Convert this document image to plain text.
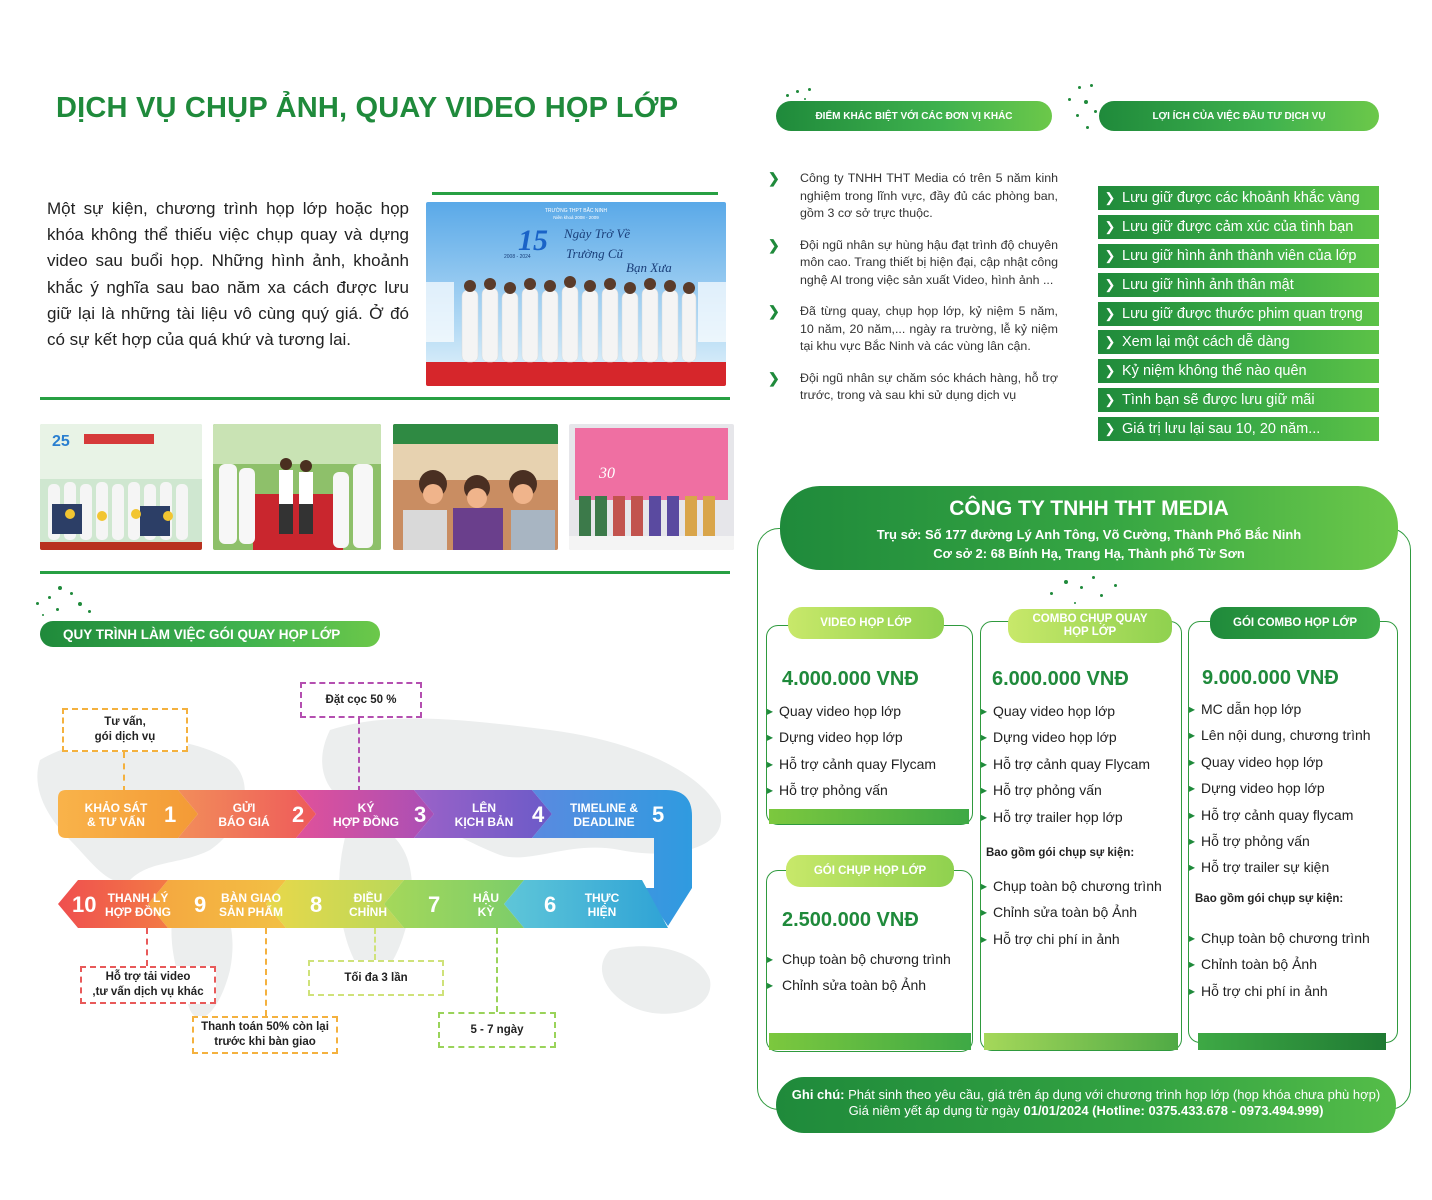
DỊCH VỤ CHỤP ẢNH, QUAY VIDEO HỌP LỚP
Một sự kiện, chương trình họp lớp hoặc họp khóa không thể thiếu việc chụp quay và dựng video sau buổi họp. Những hình ảnh, khoảnh khắc ý nghĩa sau bao năm xa cách được lưu giữ lại là những tài liệu vô cùng quý giá. Ở đó có sự kết hợp của quá khứ và tương lai.
TRƯỜNG THPT BẮC NINH
Niên khoá 2008 - 2009
15
2008 - 2024
Ngày Trở Về
Trường Cũ
Bạn Xưa
25
30
QUY TRÌNH LÀM VIỆC GÓI QUAY HỌP LỚP
Tư vấn,
gói dịch vụ
Đặt cọc 50 %
KHẢO SÁT
& TƯ VẤN 1	GỬI
BÁO GIÁ	2	KÝ
HỢP ĐỒNG 3	LÊN
KỊCH BẢN 4	TIMELINE &
DEADLINE 5
10 THANH LÝ
HỢP ĐỒNG 9	BÀN GIAO
SẢN PHẨM 8	ĐIỀU
CHỈNH	7	HẬU
KỲ	6	THỰC
HIỆN
Hỗ trợ tải video
,tư vấn dịch vụ khác
Thanh toán 50% còn lại
trước khi bàn giao
Tối đa 3 lần
5 - 7 ngày
ĐIỂM KHÁC BIỆT VỚI CÁC ĐƠN VỊ KHÁC	LỢI ÍCH CỦA VIỆC ĐẦU TƯ DỊCH VỤ
❯ Công ty TNHH THT Media có trên 5 năm kinh nghiệm trong lĩnh vực, đầy đủ các phòng ban, gồm 3 cơ sở trực thuộc.
❯ Đội ngũ nhân sự hùng hậu đạt trình độ chuyên môn cao. Trang thiết bị hiện đại, cập nhật công nghệ AI trong việc sản xuất Video, hình ảnh ...
❯ Đã từng quay, chụp họp lớp, kỷ niệm 5 năm, 10 năm, 20 năm,... ngày ra trường, lễ kỷ niệm tại khu vực Bắc Ninh và các vùng lân cận.
❯ Đội ngũ nhân sự chăm sóc khách hàng, hỗ trợ trước, trong và sau khi sử dụng dịch vụ
❯ Lưu giữ được các khoảnh khắc vàng
❯ Lưu giữ được cảm xúc của tình bạn
❯ Lưu giữ hình ảnh thành viên của lớp
❯ Lưu giữ hình ảnh thân mật
❯ Lưu giữ được thước phim quan trọng
❯ Xem lại một cách dễ dàng
❯ Kỷ niệm không thể nào quên
❯ Tình bạn sẽ được lưu giữ mãi
❯ Giá trị lưu lại sau 10, 20 năm...
CÔNG TY TNHH THT MEDIA
Trụ sở: Số 177 đường Lý Anh Tông, Võ Cường, Thành Phố Bắc Ninh
Cơ sở 2: 68 Bính Hạ, Trang Hạ, Thành phố Từ Sơn
VIDEO HỌP LỚP
4.000.000 VNĐ
▸ Quay video họp lớp
▸ Dựng video họp lớp
▸ Hỗ trợ cảnh quay Flycam
▸ Hỗ trợ phỏng vấn
GÓI CHỤP HỌP LỚP
2.500.000 VNĐ
▸ Chụp toàn bộ chương trình
▸ Chỉnh sửa toàn bộ Ảnh
COMBO CHỤP QUAY
HỌP LỚP
6.000.000 VNĐ
▸ Quay video họp lớp
▸ Dựng video họp lớp
▸ Hỗ trợ cảnh quay Flycam
▸ Hỗ trợ phỏng vấn
▸ Hỗ trợ trailer họp lớp
Bao gồm gói chụp sự kiện:
▸ Chụp toàn bộ chương trình
▸ Chỉnh sửa toàn bộ Ảnh
▸ Hỗ trợ chi phí in ảnh
GÓI COMBO HỌP LỚP
9.000.000 VNĐ
▸ MC dẫn họp lớp
▸ Lên nội dung, chương trình
▸ Quay video họp lớp
▸ Dựng video họp lớp
▸ Hỗ trợ cảnh quay flycam
▸ Hỗ trợ phỏng vấn
▸ Hỗ trợ trailer sự kiện
Bao gồm gói chụp sự kiện:
▸ Chụp toàn bộ chương trình
▸ Chỉnh toàn bộ Ảnh
▸ Hỗ trợ chi phí in ảnh
Ghi chú: Phát sinh theo yêu cầu, giá trên áp dụng với chương trình họp lớp (họp khóa chưa phù hợp)
Giá niêm yết áp dụng từ ngày 01/01/2024 (Hotline: 0375.433.678 - 0973.494.999)
